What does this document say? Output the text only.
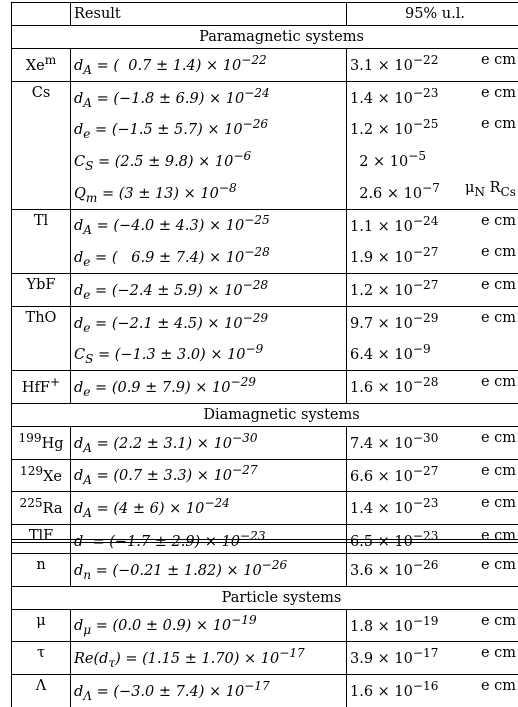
	Result	95% u.l.	
Paramagnetic systems			
Xe$^m$	$d_A$ = (  $0.7 \pm 1.4) \times 10^{-22}$	$3.1 \times 10^{-22}$ e cm	

Cs	$d_A = (-1.8 \pm 6.9) \times 10^{-24}$	$1.4 \times 10^{-23}$ e cm	

	$d_e = (-1.5 \pm 5.7) \times 10^{-26}$	$1.2 \times 10^{-25}$ e cm	

	$C_S = (2.5 \pm 9.8) \times 10^{-6}$	$2 \times 10^{-5}$

	$Q_m = (3 \pm 13) \times 10^{-8}$	$2.6 \times 10^{-7}$ $\mu_N$ $R_{Cs}$

Tl	$d_A = (-4.0 \pm 4.3) \times 10^{-25}$	$1.1 \times 10^{-24}$ e cm	

	$d_e$ = (   $6.9 \pm 7.4) \times 10^{-28}$	$1.9 \times 10^{-27}$ e cm	

YbF	$d_e = (-2.4 \pm 5.9) \times 10^{-28}$	$1.2 \times 10^{-27}$ e cm	

ThO	$d_e = (-2.1 \pm 4.5) \times 10^{-29}$	$9.7 \times 10^{-29}$ e cm	

	$C_S = (-1.3 \pm 3.0) \times 10^{-9}$	$6.4 \times 10^{-9}$

HfF+	$d_e = (0.9 \pm 7.9) \times 10^{-29}$	$1.6 \times 10^{-28}$ e cm	

Diamagnetic systems			
$^{199}$Hg	$d_A = (2.2 \pm 3.1) \times 10^{-30}$	$7.4 \times 10^{-30}$ e cm	

$^{129}$Xe	$d_A = (0.7 \pm 3.3) \times 10^{-27}$	$6.6 \times 10^{-27}$ e cm	

$^{225}$Ra	$d_A = (4 \pm 6) \times 10^{-24}$	$1.4 \times 10^{-23}$ e cm	

TlF	$d = (-1.7 \pm 2.9) \times 10^{-23}$	$6.5 \times 10^{-23}$ e cm	

n	$d_n = (-0.21 \pm 1.82) \times 10^{-26}$	$3.6 \times 10^{-26}$ e cm	

Particle systems			
μ	$d_\mu = (0.0 \pm 0.9) \times 10^{-19}$	$1.8 \times 10^{-19}$ e cm	

τ	$Re(d_\tau) = (1.15 \pm 1.70) \times 10^{-17}$	$3.9 \times 10^{-17}$ e cm	

Λ	$d_\Lambda = (-3.0 \pm 7.4) \times 10^{-17}$	$1.6 \times 10^{-16}$ e cm	
